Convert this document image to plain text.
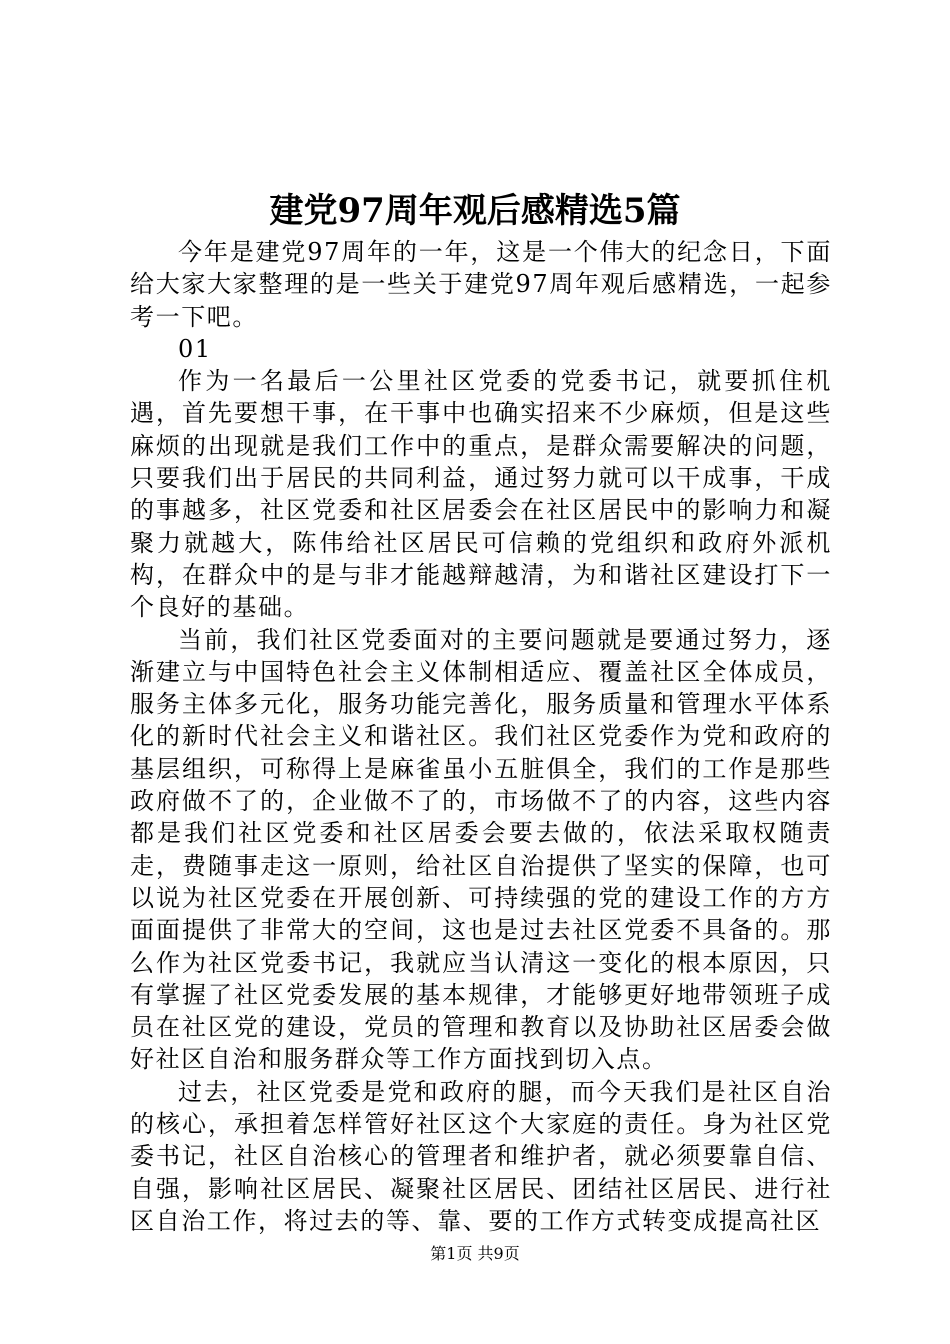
建党97周年观后感精选5篇

今年是建党97周年的一年，这是一个伟大的纪念日，下面给大家大家整理的是一些关于建党97周年观后感精选，一起参考一下吧。

01

作为一名最后一公里社区党委的党委书记，就要抓住机遇，首先要想干事，在干事中也确实招来不少麻烦，但是这些麻烦的出现就是我们工作中的重点，是群众需要解决的问题，只要我们出于居民的共同利益，通过努力就可以干成事，干成的事越多，社区党委和社区居委会在社区居民中的影响力和凝聚力就越大，陈伟给社区居民可信赖的党组织和政府外派机构，在群众中的是与非才能越辩越清，为和谐社区建设打下一个良好的基础。

当前，我们社区党委面对的主要问题就是要通过努力，逐渐建立与中国特色社会主义体制相适应、覆盖社区全体成员，服务主体多元化，服务功能完善化，服务质量和管理水平体系化的新时代社会主义和谐社区。我们社区党委作为党和政府的基层组织，可称得上是麻雀虽小五脏俱全，我们的工作是那些政府做不了的，企业做不了的，市场做不了的内容，这些内容都是我们社区党委和社区居委会要去做的，依法采取权随责走，费随事走这一原则，给社区自治提供了坚实的保障，也可以说为社区党委在开展创新、可持续强的党的建设工作的方方面面提供了非常大的空间，这也是过去社区党委不具备的。那么作为社区党委书记，我就应当认清这一变化的根本原因，只有掌握了社区党委发展的基本规律，才能够更好地带领班子成员在社区党的建设，党员的管理和教育以及协助社区居委会做好社区自治和服务群众等工作方面找到切入点。

过去，社区党委是党和政府的腿，而今天我们是社区自治的核心，承担着怎样管好社区这个大家庭的责任。身为社区党委书记，社区自治核心的管理者和维护者，就必须要靠自信、自强，影响社区居民、凝聚社区居民、团结社区居民、进行社区自治工作，将过去的等、靠、要的工作方式转变成提高社区

第1页 共9页
